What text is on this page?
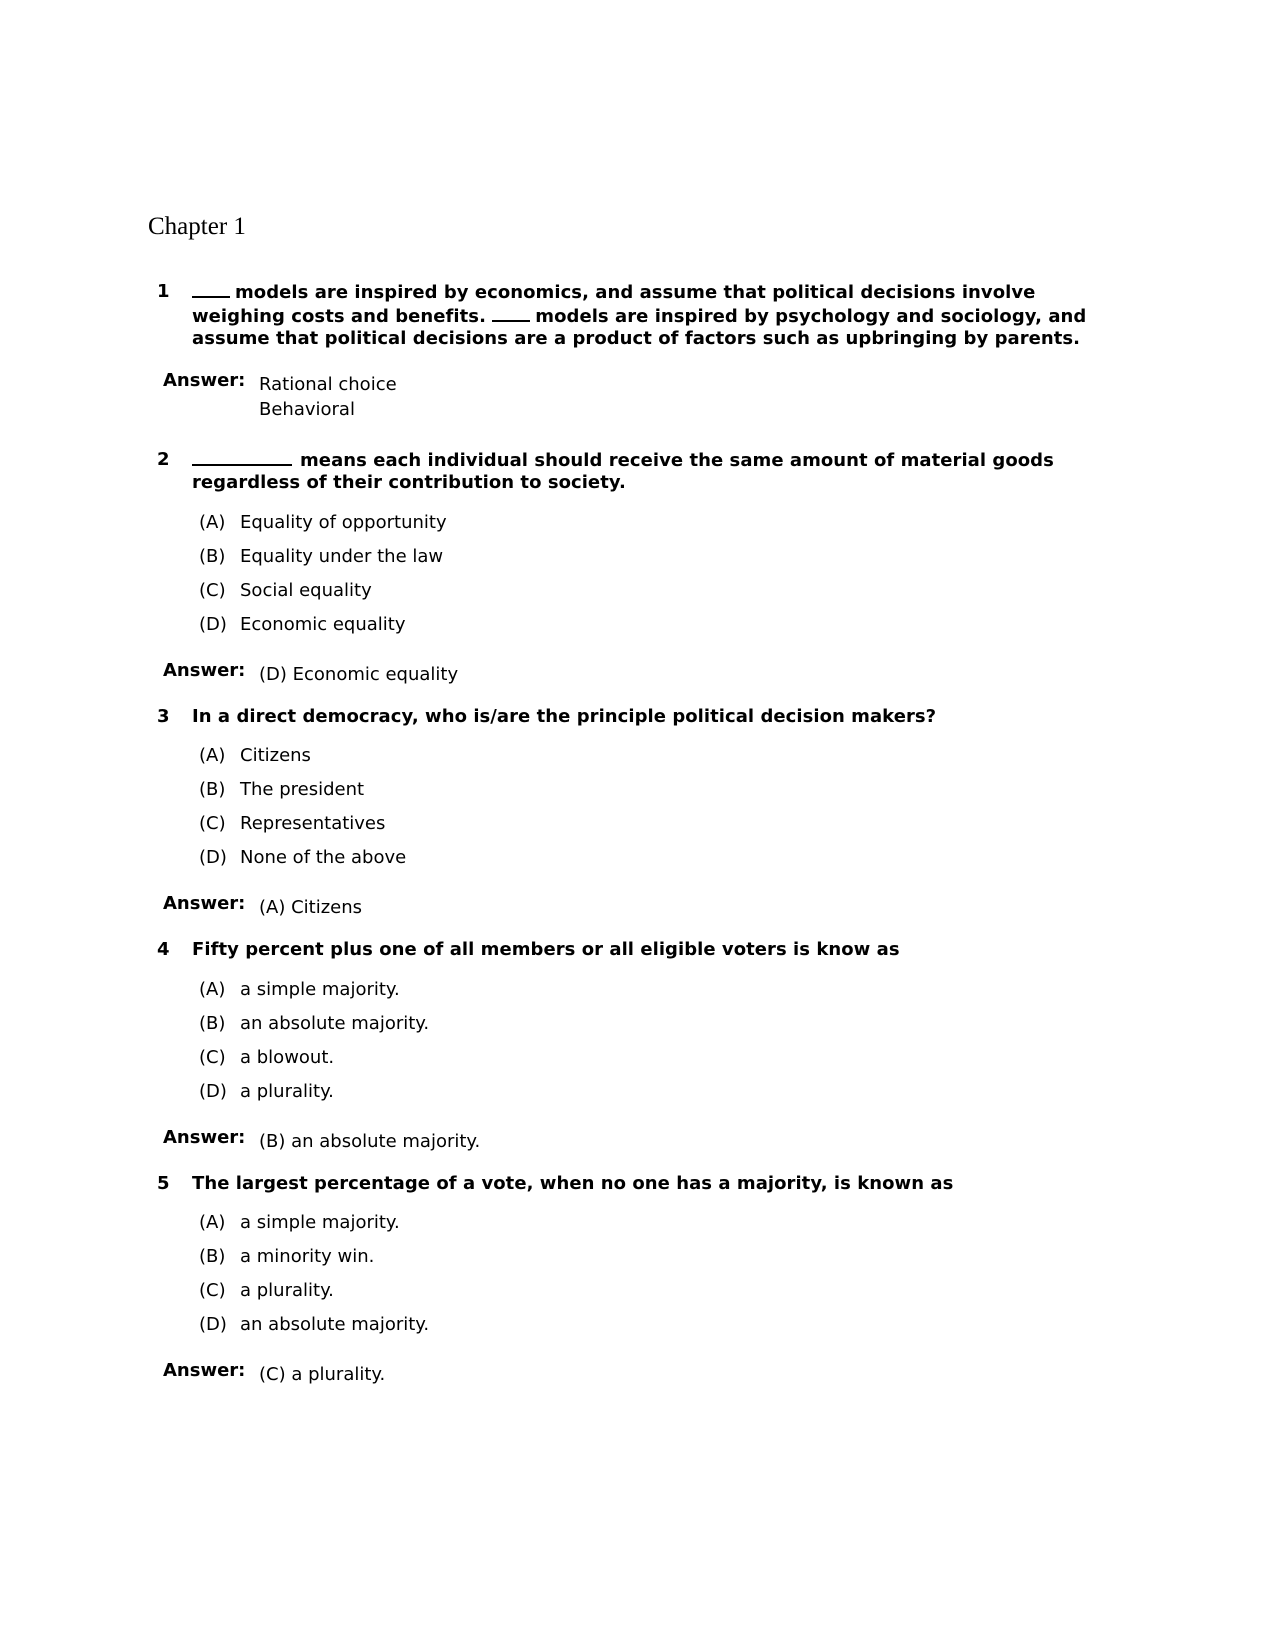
Chapter 1
1	models are inspired by economics, and assume that political decisions involve weighing costs and benefits.	models are inspired by psychology and sociology, and assume that political decisions are a product of factors such as upbringing by parents.
Answer: Rational choice
Behavioral
2	means each individual should receive the same amount of material goods regardless of their contribution to society.
(A) Equality of opportunity
(B) Equality under the law
(C) Social equality
(D) Economic equality
Answer: (D) Economic equality
3	In a direct democracy, who is/are the principle political decision makers?
(A) Citizens
(B) The president
(C) Representatives
(D) None of the above
Answer: (A) Citizens
4	Fifty percent plus one of all members or all eligible voters is know as
(A) a simple majority.
(B) an absolute majority.
(C) a blowout.
(D) a plurality.
Answer: (B) an absolute majority.
5	The largest percentage of a vote, when no one has a majority, is known as
(A) a simple majority.
(B) a minority win.
(C) a plurality.
(D) an absolute majority.
Answer: (C) a plurality.
